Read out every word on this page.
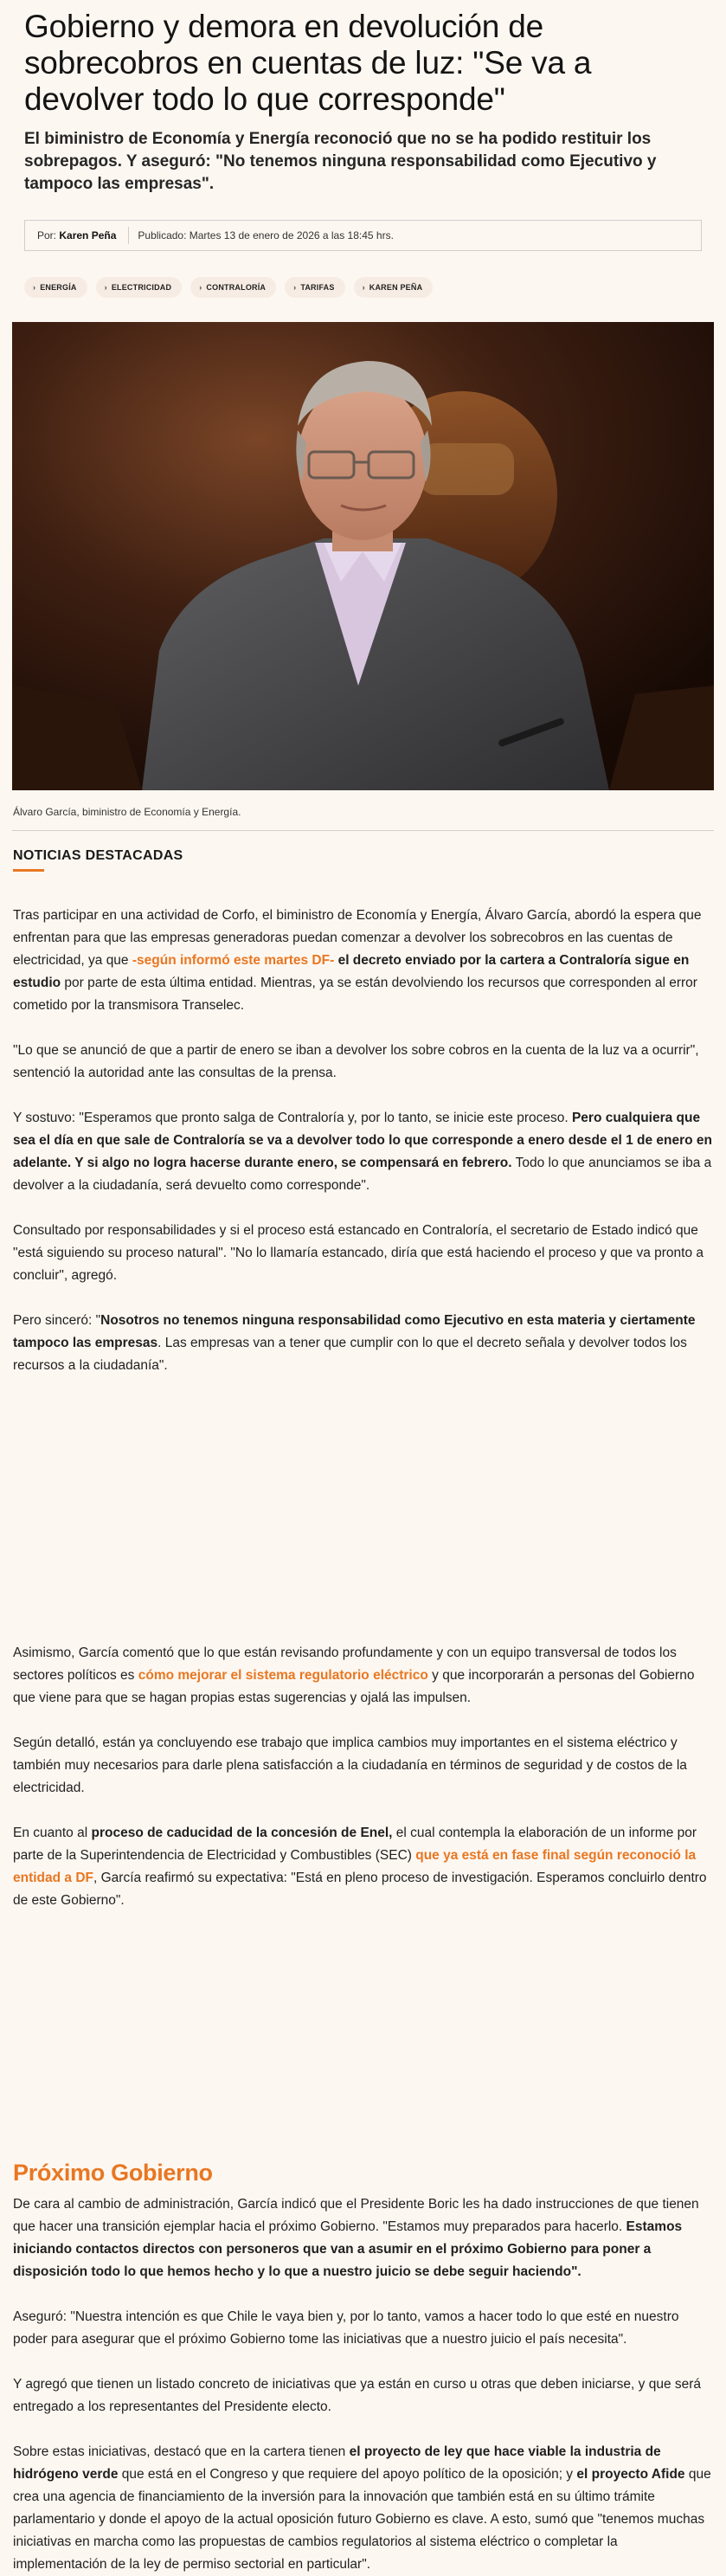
Gobierno y demora en devolución de sobrecobros en cuentas de luz: "Se va a devolver todo lo que corresponde"
El biministro de Economía y Energía reconoció que no se ha podido restituir los sobrepagos. Y aseguró: "No tenemos ninguna responsabilidad como Ejecutivo y tampoco las empresas".
Por: Karen Peña	Publicado: Martes 13 de enero de 2026 a las 18:45 hrs.
› ENERGÍA	› ELECTRICIDAD	› CONTRALORÍA	› TARIFAS	› KAREN PEÑA
Álvaro García, biministro de Economía y Energía.
NOTICIAS DESTACADAS

Tras participar en una actividad de Corfo, el biministro de Economía y Energía, Álvaro García, abordó la espera que enfrentan para que las empresas generadoras puedan comenzar a devolver los sobrecobros en las cuentas de electricidad, ya que -según informó este martes DF- el decreto enviado por la cartera a Contraloría sigue en estudio por parte de esta última entidad. Mientras, ya se están devolviendo los recursos que corresponden al error cometido por la transmisora Transelec.

"Lo que se anunció de que a partir de enero se iban a devolver los sobre cobros en la cuenta de la luz va a ocurrir", sentenció la autoridad ante las consultas de la prensa.

Y sostuvo: "Esperamos que pronto salga de Contraloría y, por lo tanto, se inicie este proceso. Pero cualquiera que sea el día en que sale de Contraloría se va a devolver todo lo que corresponde a enero desde el 1 de enero en adelante. Y si algo no logra hacerse durante enero, se compensará en febrero. Todo lo que anunciamos se iba a devolver a la ciudadanía, será devuelto como corresponde".

Consultado por responsabilidades y si el proceso está estancado en Contraloría, el secretario de Estado indicó que "está siguiendo su proceso natural". "No lo llamaría estancado, diría que está haciendo el proceso y que va pronto a concluir", agregó.

Pero sinceró: "Nosotros no tenemos ninguna responsabilidad como Ejecutivo en esta materia y ciertamente tampoco las empresas. Las empresas van a tener que cumplir con lo que el decreto señala y devolver todos los recursos a la ciudadanía".

Asimismo, García comentó que lo que están revisando profundamente y con un equipo transversal de todos los sectores políticos es cómo mejorar el sistema regulatorio eléctrico y que incorporarán a personas del Gobierno que viene para que se hagan propias estas sugerencias y ojalá las impulsen.

Según detalló, están ya concluyendo ese trabajo que implica cambios muy importantes en el sistema eléctrico y también muy necesarios para darle plena satisfacción a la ciudadanía en términos de seguridad y de costos de la electricidad.

En cuanto al proceso de caducidad de la concesión de Enel, el cual contempla la elaboración de un informe por parte de la Superintendencia de Electricidad y Combustibles (SEC) que ya está en fase final según reconoció la entidad a DF, García reafirmó su expectativa: "Está en pleno proceso de investigación. Esperamos concluirlo dentro de este Gobierno".

Próximo Gobierno

De cara al cambio de administración, García indicó que el Presidente Boric les ha dado instrucciones de que tienen que hacer una transición ejemplar hacia el próximo Gobierno. "Estamos muy preparados para hacerlo. Estamos iniciando contactos directos con personeros que van a asumir en el próximo Gobierno para poner a disposición todo lo que hemos hecho y lo que a nuestro juicio se debe seguir haciendo".

Aseguró: "Nuestra intención es que Chile le vaya bien y, por lo tanto, vamos a hacer todo lo que esté en nuestro poder para asegurar que el próximo Gobierno tome las iniciativas que a nuestro juicio el país necesita".

Y agregó que tienen un listado concreto de iniciativas que ya están en curso u otras que deben iniciarse, y que será entregado a los representantes del Presidente electo.

Sobre estas iniciativas, destacó que en la cartera tienen el proyecto de ley que hace viable la industria de hidrógeno verde que está en el Congreso y que requiere del apoyo político de la oposición; y el proyecto Afide que crea una agencia de financiamiento de la inversión para la innovación que también está en su último trámite parlamentario y donde el apoyo de la actual oposición futuro Gobierno es clave. A esto, sumó que "tenemos muchas iniciativas en marcha como las propuestas de cambios regulatorios al sistema eléctrico o completar la implementación de la ley de permiso sectorial en particular".
